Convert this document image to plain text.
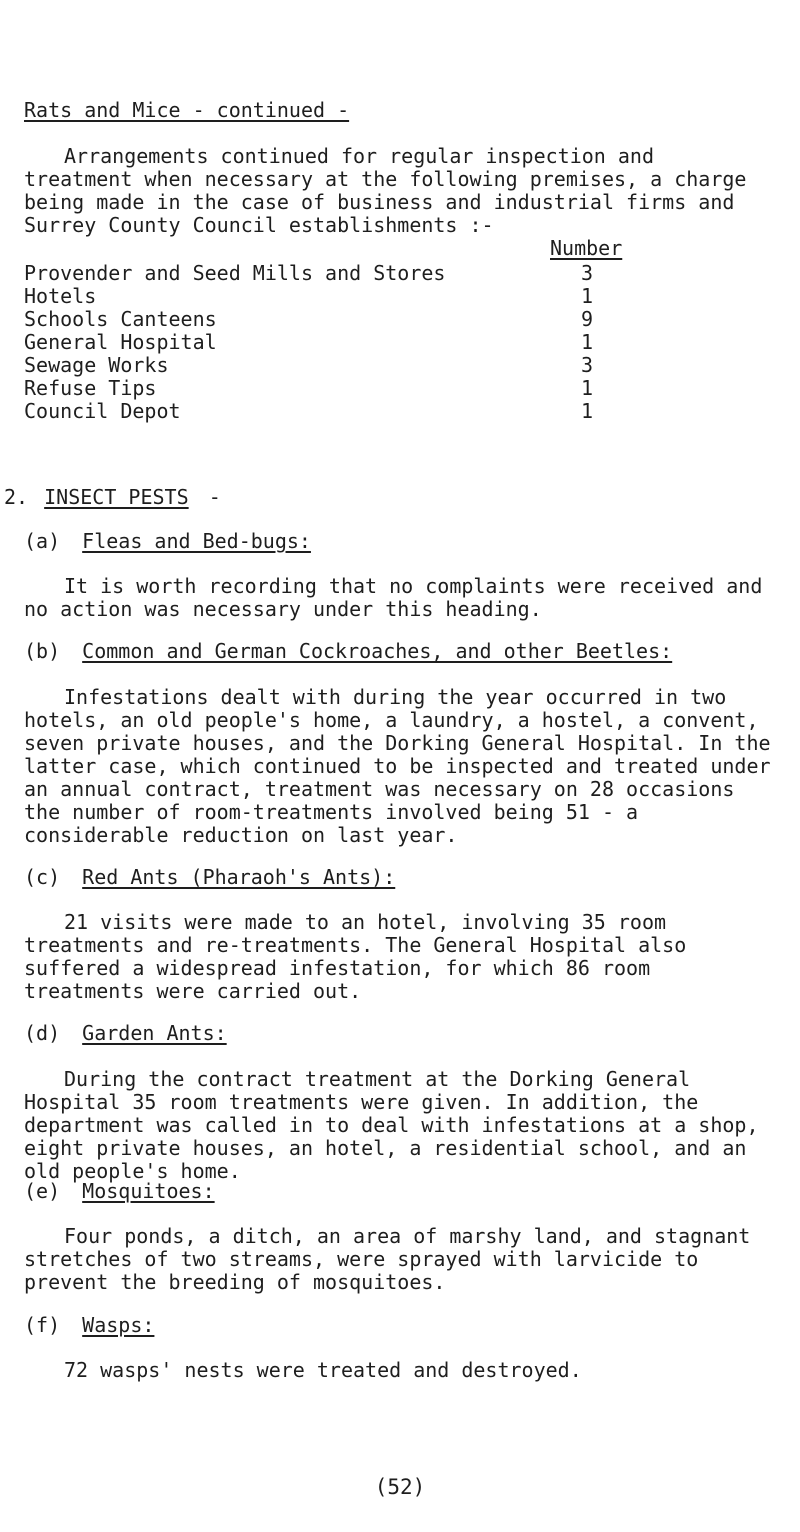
Rats and Mice - continued -

Arrangements continued for regular inspection and treatment when necessary at the following premises, a charge being made in the case of business and industrial firms and Surrey County Council establishments :-

Number
Provender and Seed Mills and Stores	3
Hotels	1
Schools Canteens	9
General Hospital	1
Sewage Works	3
Refuse Tips	1
Council Depot	1
2. INSECT PESTS -
(a) Fleas and Bed-bugs:

It is worth recording that no complaints were received and no action was necessary under this heading.

(b) Common and German Cockroaches, and other Beetles:

Infestations dealt with during the year occurred in two hotels, an old people's home, a laundry, a hostel, a convent, seven private houses, and the Dorking General Hospital. In the latter case, which continued to be inspected and treated under an annual contract, treatment was necessary on 28 occasions the number of room-treatments involved being 51 - a considerable reduction on last year.

(c) Red Ants (Pharaoh's Ants):

21 visits were made to an hotel, involving 35 room treatments and re-treatments. The General Hospital also suffered a widespread infestation, for which 86 room treatments were carried out.

(d) Garden Ants:

During the contract treatment at the Dorking General Hospital 35 room treatments were given. In addition, the department was called in to deal with infestations at a shop, eight private houses, an hotel, a residential school, and an old people's home.

(e) Mosquitoes:

Four ponds, a ditch, an area of marshy land, and stagnant stretches of two streams, were sprayed with larvicide to prevent the breeding of mosquitoes.

(f) Wasps:

72 wasps' nests were treated and destroyed.

(52)
